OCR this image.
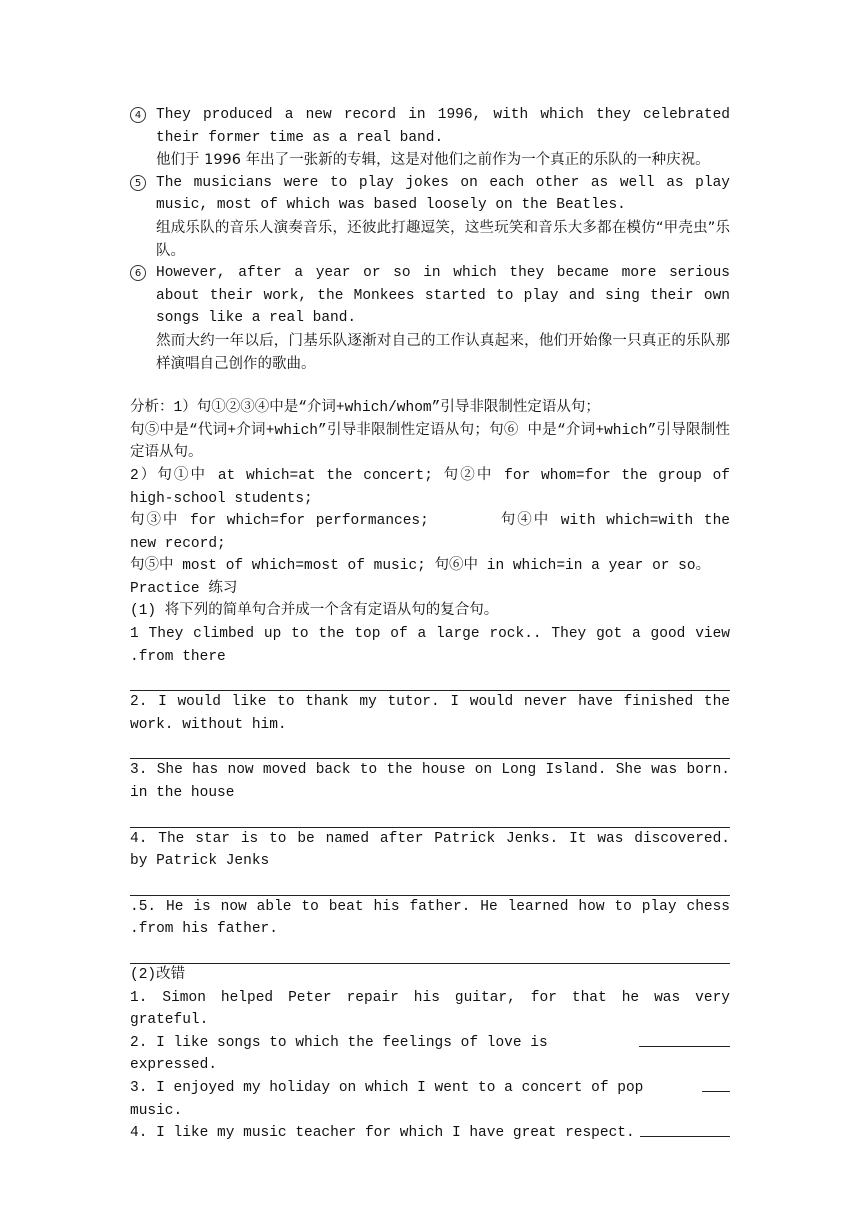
4	They produced a new record in 1996, with which they celebrated their former time as a real band.
他们于 1996 年出了一张新的专辑，这是对他们之前作为一个真正的乐队的一种庆祝。
5	The musicians were to play jokes on each other as well as play music, most of which was based loosely on the Beatles.
组成乐队的音乐人演奏音乐，还彼此打趣逗笑，这些玩笑和音乐大多都在模仿“甲壳虫”乐队。
6	However, after a year or so in which they became more serious about their work, the Monkees started to play and sing their own songs like a real band.
然而大约一年以后，门基乐队逐渐对自己的工作认真起来，他们开始像一只真正的乐队那样演唱自己创作的歌曲。
分析：1）句①②③④中是“介词+which/whom”引导非限制性定语从句；
句⑤中是“代词+介词+which”引导非限制性定语从句；句⑥ 中是“介词+which”引导限制性定语从句。
2）句①中 at which=at the concert; 句②中 for whom=for the group of high-school students;
句③中 for which=for performances;	句④中 with which=with the new record;
句⑤中 most of which=most of music; 句⑥中 in which=in a year or so。
Practice 练习
(1) 将下列的简单句合并成一个含有定语从句的复合句。
1 They climbed up to the top of a large rock.. They got a good view .from there
2. I would like to thank my tutor. I would never have finished the work. without him.
3. She has now moved back to the house on Long Island. She was born. in the house
4. The star is to be named after Patrick Jenks. It was discovered. by Patrick Jenks
.5. He is now able to beat his father. He learned how to play chess .from his father.
(2)改错
1. Simon helped Peter repair his guitar, for that he was very grateful.
2. I like songs to which the feelings of love is expressed.
3. I enjoyed my holiday on which I went to a concert of pop music.
4. I like my music teacher for which I have great respect.
